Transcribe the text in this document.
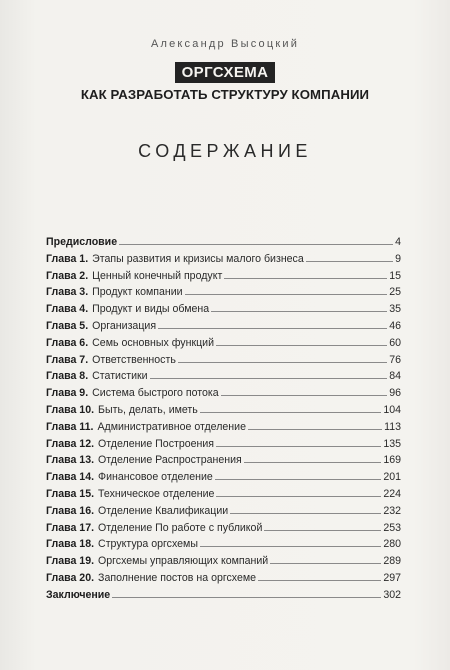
Александр Высоцкий
ОРГСХЕМА
КАК РАЗРАБОТАТЬ СТРУКТУРУ КОМПАНИИ
СОДЕРЖАНИЕ
Предисловие	4
Глава 1. Этапы развития и кризисы малого бизнеса	9
Глава 2. Ценный конечный продукт	15
Глава 3. Продукт компании	25
Глава 4. Продукт и виды обмена	35
Глава 5. Организация	46
Глава 6. Семь основных функций	60
Глава 7. Ответственность	76
Глава 8. Статистики	84
Глава 9. Система быстрого потока	96
Глава 10. Быть, делать, иметь	104
Глава 11. Административное отделение	113
Глава 12. Отделение Построения	135
Глава 13. Отделение Распространения	169
Глава 14. Финансовое отделение	201
Глава 15. Техническое отделение	224
Глава 16. Отделение Квалификации	232
Глава 17. Отделение По работе с публикой	253
Глава 18. Структура оргсхемы	280
Глава 19. Оргсхемы управляющих компаний	289
Глава 20. Заполнение постов на оргсхеме	297
Заключение	302
